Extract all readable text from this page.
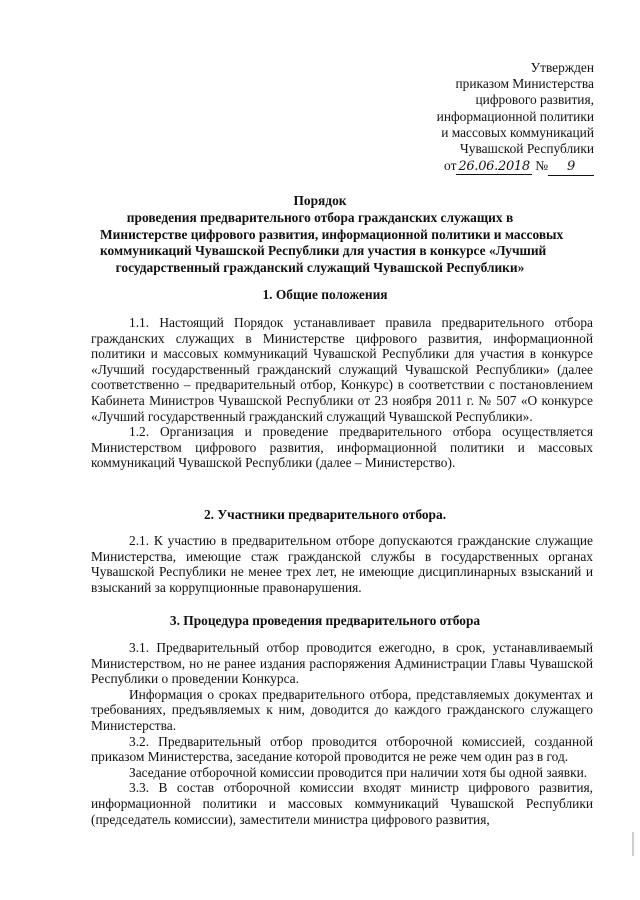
Утвержден
приказом Министерства
цифрового развития,
информационной политики
и массовых коммуникаций
Чувашской Республики
от 26.06.2018 № 9
Порядок
проведения предварительного отбора гражданских служащих в
Министерстве цифрового развития, информационной политики и массовых
коммуникаций Чувашской Республики для участия в конкурсе «Лучший
государственный гражданский служащий Чувашской Республики»
1. Общие положения

1.1. Настоящий Порядок устанавливает правила предварительного отбора гражданских служащих в Министерстве цифрового развития, информационной политики и массовых коммуникаций Чувашской Республики для участия в конкурсе «Лучший государственный гражданский служащий Чувашской Республики» (далее соответственно – предварительный отбор, Конкурс) в соответствии с постановлением Кабинета Министров Чувашской Республики от 23 ноября 2011 г. № 507 «О конкурсе «Лучший государственный гражданский служащий Чувашской Республики».

1.2. Организация и проведение предварительного отбора осуществляется Министерством цифрового развития, информационной политики и массовых коммуникаций Чувашской Республики (далее – Министерство).

2. Участники предварительного отбора.

2.1. К участию в предварительном отборе допускаются гражданские служащие Министерства, имеющие стаж гражданской службы в государственных органах Чувашской Республики не менее трех лет, не имеющие дисциплинарных взысканий и взысканий за коррупционные правонарушения.

3. Процедура проведения предварительного отбора

3.1. Предварительный отбор проводится ежегодно, в срок, устанавливаемый Министерством, но не ранее издания распоряжения Администрации Главы Чувашской Республики о проведении Конкурса.

Информация о сроках предварительного отбора, представляемых документах и требованиях, предъявляемых к ним, доводится до каждого гражданского служащего Министерства.

3.2. Предварительный отбор проводится отборочной комиссией, созданной приказом Министерства, заседание которой проводится не реже чем один раз в год.

Заседание отборочной комиссии проводится при наличии хотя бы одной заявки.

3.3. В состав отборочной комиссии входят министр цифрового развития, информационной политики и массовых коммуникаций Чувашской Республики (председатель комиссии), заместители министра цифрового развития,
